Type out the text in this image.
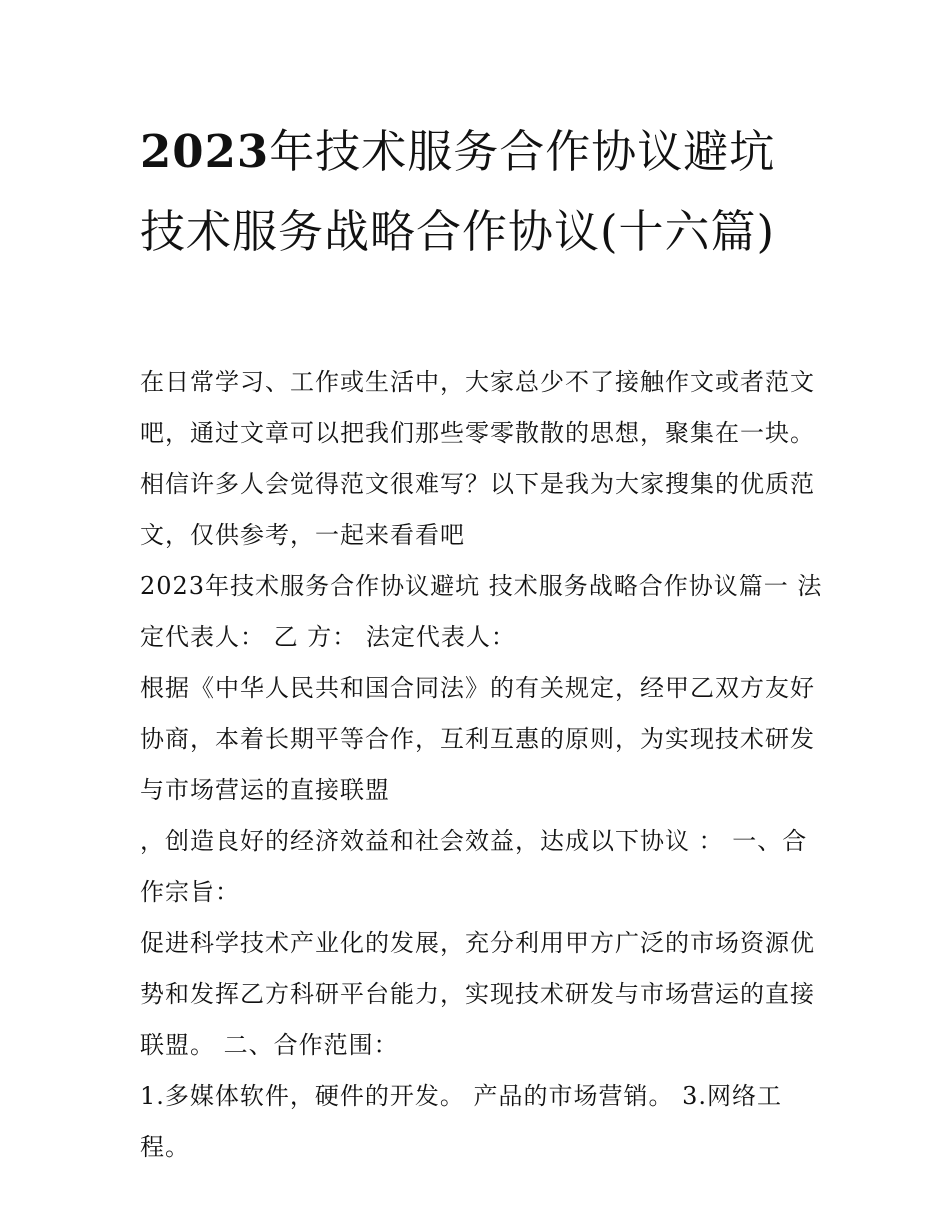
2023年技术服务合作协议避坑技术服务战略合作协议(十六篇)

在日常学习、工作或生活中，大家总少不了接触作文或者范文吧，通过文章可以把我们那些零零散散的思想，聚集在一块。相信许多人会觉得范文很难写？以下是我为大家搜集的优质范文，仅供参考，一起来看看吧

2023年技术服务合作协议避坑 技术服务战略合作协议篇一 法定代表人： 乙 方： 法定代表人：

根据《中华人民共和国合同法》的有关规定，经甲乙双方友好协商，本着长期平等合作，互利互惠的原则，为实现技术研发与市场营运的直接联盟

，创造良好的经济效益和社会效益，达成以下协议 ： 一、合作宗旨：

促进科学技术产业化的发展，充分利用甲方广泛的市场资源优势和发挥乙方科研平台能力，实现技术研发与市场营运的直接联盟。 二、合作范围：

1.多媒体软件，硬件的开发。 产品的市场营销。 3.网络工程。
